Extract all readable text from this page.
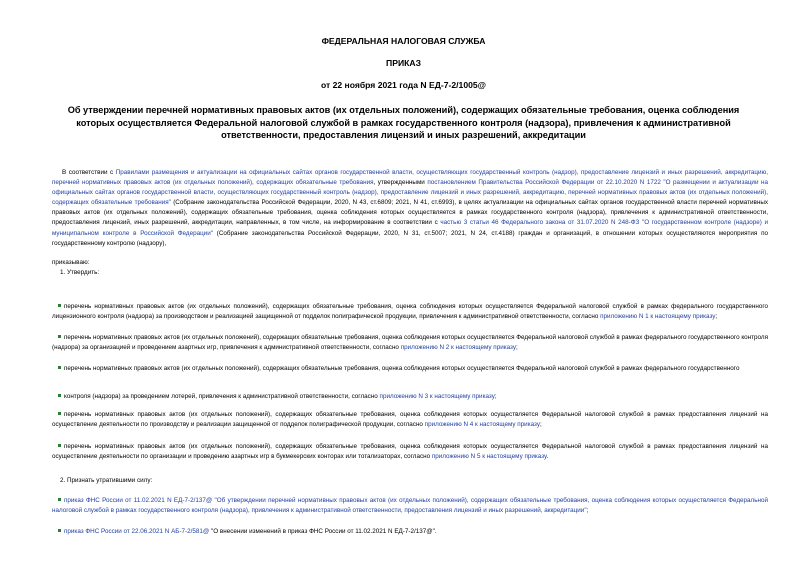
ФЕДЕРАЛЬНАЯ НАЛОГОВАЯ СЛУЖБА
ПРИКАЗ
от 22 ноября 2021 года N ЕД-7-2/1005@
Об утверждении перечней нормативных правовых актов (их отдельных положений), содержащих обязательные требования, оценка соблюдения которых осуществляется Федеральной налоговой службой в рамках государственного контроля (надзора), привлечения к административной ответственности, предоставления лицензий и иных разрешений, аккредитации
В соответствии с Правилами размещения и актуализации на официальных сайтах органов государственной власти, осуществляющих государственный контроль (надзор), предоставление лицензий и иных разрешений, аккредитацию, перечней нормативных правовых актов (их отдельных положений), содержащих обязательные требования, утвержденными постановлением Правительства Российской Федерации от 22.10.2020 N 1722 "О размещении и актуализации на официальных сайтах органов государственной власти, осуществляющих государственный контроль (надзор), предоставление лицензий и иных разрешений, аккредитацию, перечней нормативных правовых актов (их отдельных положений), содержащих обязательные требования" (Собрание законодательства Российской Федерации, 2020, N 43, ст.6809; 2021, N 41, ст.6993), в целях актуализации на официальных сайтах органов государственной власти перечней нормативных правовых актов (их отдельных положений), содержащих обязательные требования, оценка соблюдения которых осуществляется в рамках государственного контроля (надзора), привлечения к административной ответственности, предоставления лицензий, иных разрешений, аккредитации, направленных, в том числе, на информирование в соответствии с частью 3 статьи 46 Федерального закона от 31.07.2020 N 248-ФЗ "О государственном контроле (надзоре) и муниципальном контроле в Российской Федерации" (Собрание законодательства Российской Федерации, 2020, N 31, ст.5007; 2021, N 24, ст.4188) граждан и организаций, в отношении которых осуществляются мероприятия по государственному контролю (надзору),
приказываю:
1. Утвердить:
перечень нормативных правовых актов (их отдельных положений), содержащих обязательные требования, оценка соблюдения которых осуществляется Федеральной налоговой службой в рамках федерального государственного лицензионного контроля (надзора) за производством и реализацией защищенной от подделок полиграфической продукции, привлечения к административной ответственности, согласно приложению N 1 к настоящему приказу;
перечень нормативных правовых актов (их отдельных положений), содержащих обязательные требования, оценка соблюдения которых осуществляется Федеральной налоговой службой в рамках федерального государственного контроля (надзора) за организацией и проведением азартных игр, привлечения к административной ответственности, согласно приложению N 2 к настоящему приказу;
перечень нормативных правовых актов (их отдельных положений), содержащих обязательные требования, оценка соблюдения которых осуществляется Федеральной налоговой службой в рамках федерального государственного
контроля (надзора) за проведением лотерей, привлечения к административной ответственности, согласно приложению N 3 к настоящему приказу;
перечень нормативных правовых актов (их отдельных положений), содержащих обязательные требования, оценка соблюдения которых осуществляется Федеральной налоговой службой в рамках предоставления лицензий на осуществление деятельности по производству и реализации защищенной от подделок полиграфической продукции, согласно приложению N 4 к настоящему приказу;
перечень нормативных правовых актов (их отдельных положений), содержащих обязательные требования, оценка соблюдения которых осуществляется Федеральной налоговой службой в рамках предоставления лицензий на осуществление деятельности по организации и проведению азартных игр в букмекерских конторах или тотализаторах, согласно приложению N 5 к настоящему приказу.
2. Признать утратившими силу:
приказ ФНС России от 11.02.2021 N ЕД-7-2/137@ "Об утверждении перечней нормативных правовых актов (их отдельных положений), содержащих обязательные требования, оценка соблюдения которых осуществляется Федеральной налоговой службой в рамках государственного контроля (надзора), привлечения к административной ответственности, предоставления лицензий и иных разрешений, аккредитации";
приказ ФНС России от 22.06.2021 N АБ-7-2/581@ "О внесении изменений в приказ ФНС России от 11.02.2021 N ЕД-7-2/137@".
